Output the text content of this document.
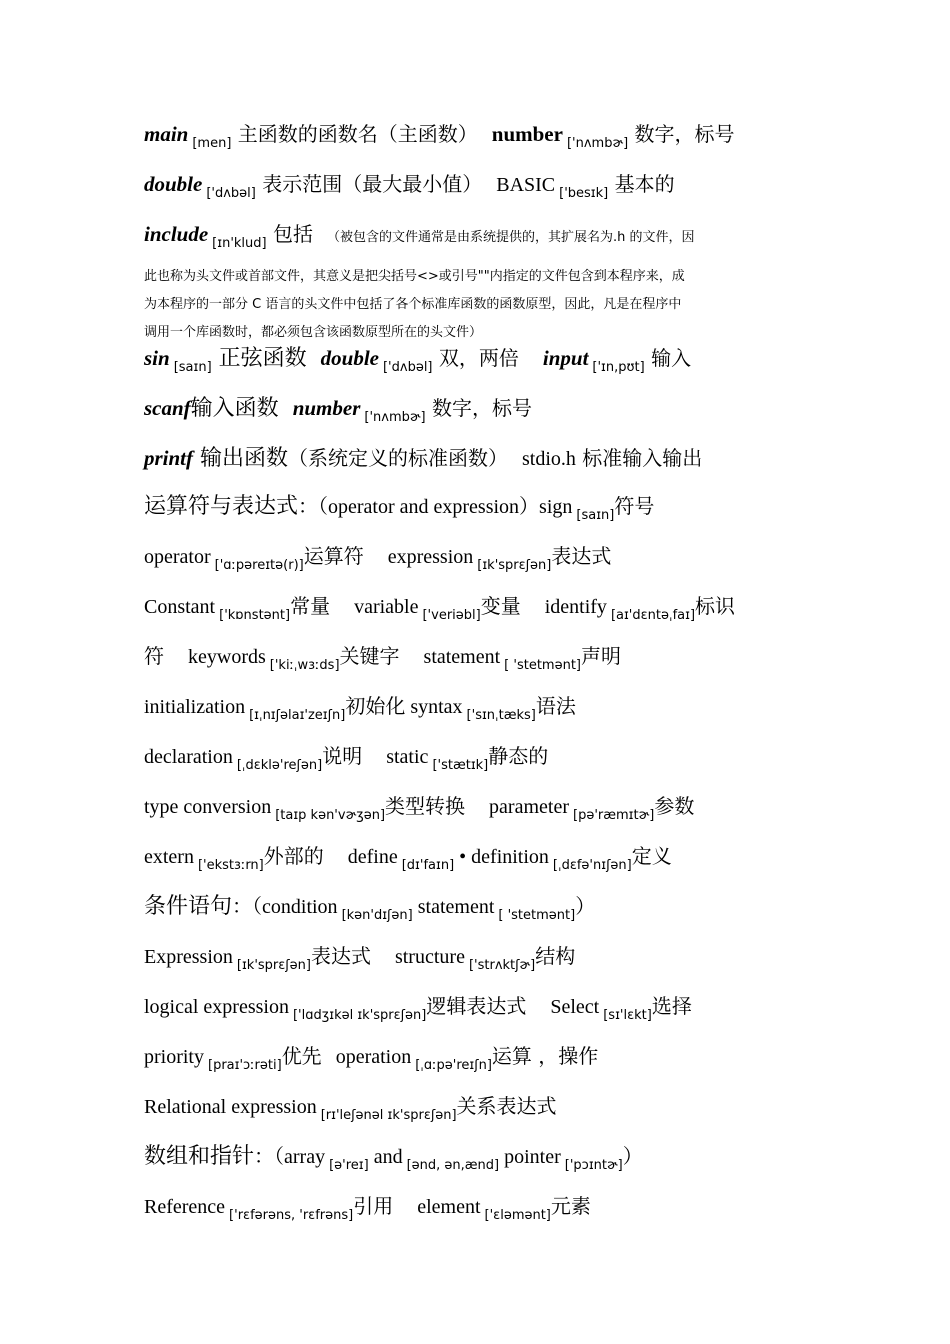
main $_{[men]}$ 主函数的函数名（主函数） number $_{['nʌmbɚ]}$ 数字，标号
double $_{['dʌbəl]}$ 表示范围（最大最小值） BASIC $_{['besɪk]}$ 基本的
include $_{[ɪn'klud]}$ 包括 （被包含的文件通常是由系统提供的，其扩展名为.h 的文件，因
此也称为头文件或首部文件，其意义是把尖括号<>或引号""内指定的文件包含到本程序来，成
为本程序的一部分 C 语言的头文件中包括了各个标准库函数的函数原型，因此，凡是在程序中
调用一个库函数时，都必须包含该函数原型所在的头文件）
sin $_{[saɪn]}$ 正弦函数 double $_{['dʌbəl]}$ 双，两倍 input $_{['ɪn,pʊt]}$ 输入
scanf输入函数 number $_{['nʌmbɚ]}$ 数字，标号
printf 输出函数（系统定义的标准函数） stdio.h 标准输入输出
运算符与表达式：（operator and expression）sign $_{[saɪn]}$符号
operator $_{['ɑːpəreɪtə(r)]}$运算符 expression $_{[ɪk'sprɛʃən]}$表达式
Constant $_{['kɒnstənt]}$常量 variable $_{['veriəbl]}$变量 identify $_{[aɪ'dɛntəˌfaɪ]}$标识
符 keywords $_{['kiːˌwɜːds]}$关键字 statement $_{[ 'stetmənt]}$声明
initialization $_{[ɪˌnɪʃəlaɪ'zeɪʃn]}$初始化 syntax $_{['sɪnˌtæks]}$语法
declaration $_{[ˌdɛklə'reʃən]}$说明 static $_{['stætɪk]}$静态的
type conversion $_{[taɪp kən'vɚʒən]}$类型转换 parameter $_{[pə'ræmɪtɚ]}$参数
extern $_{['ekstɜːrn]}$外部的 define $_{[dɪ'faɪn]}$ • definition $_{[ˌdɛfə'nɪʃən]}$定义
条件语句：（condition $_{[kən'dɪʃən]}$ statement $_{[ 'stetmənt]}$）
Expression $_{[ɪk'sprɛʃən]}$表达式 structure $_{['strʌktʃɚ]}$结构
logical expression $_{['lɑdʒɪkəl ɪk'sprɛʃən]}$逻辑表达式 Select $_{[sɪ'lɛkt]}$选择
priority $_{[praɪ'ɔːrəti]}$优先 operation $_{[ˌɑːpə'reɪʃn]}$运算 ，操作
Relational expression $_{[rɪ'leʃənəl ɪk'sprɛʃən]}$关系表达式
数组和指针：（array $_{[ə'reɪ]}$ and $_{[ənd, ən,ænd]}$ pointer $_{['pɔɪntɚ]}$）
Reference $_{['rɛfərəns, 'rɛfrəns]}$引用 element $_{['ɛləmənt]}$元素
